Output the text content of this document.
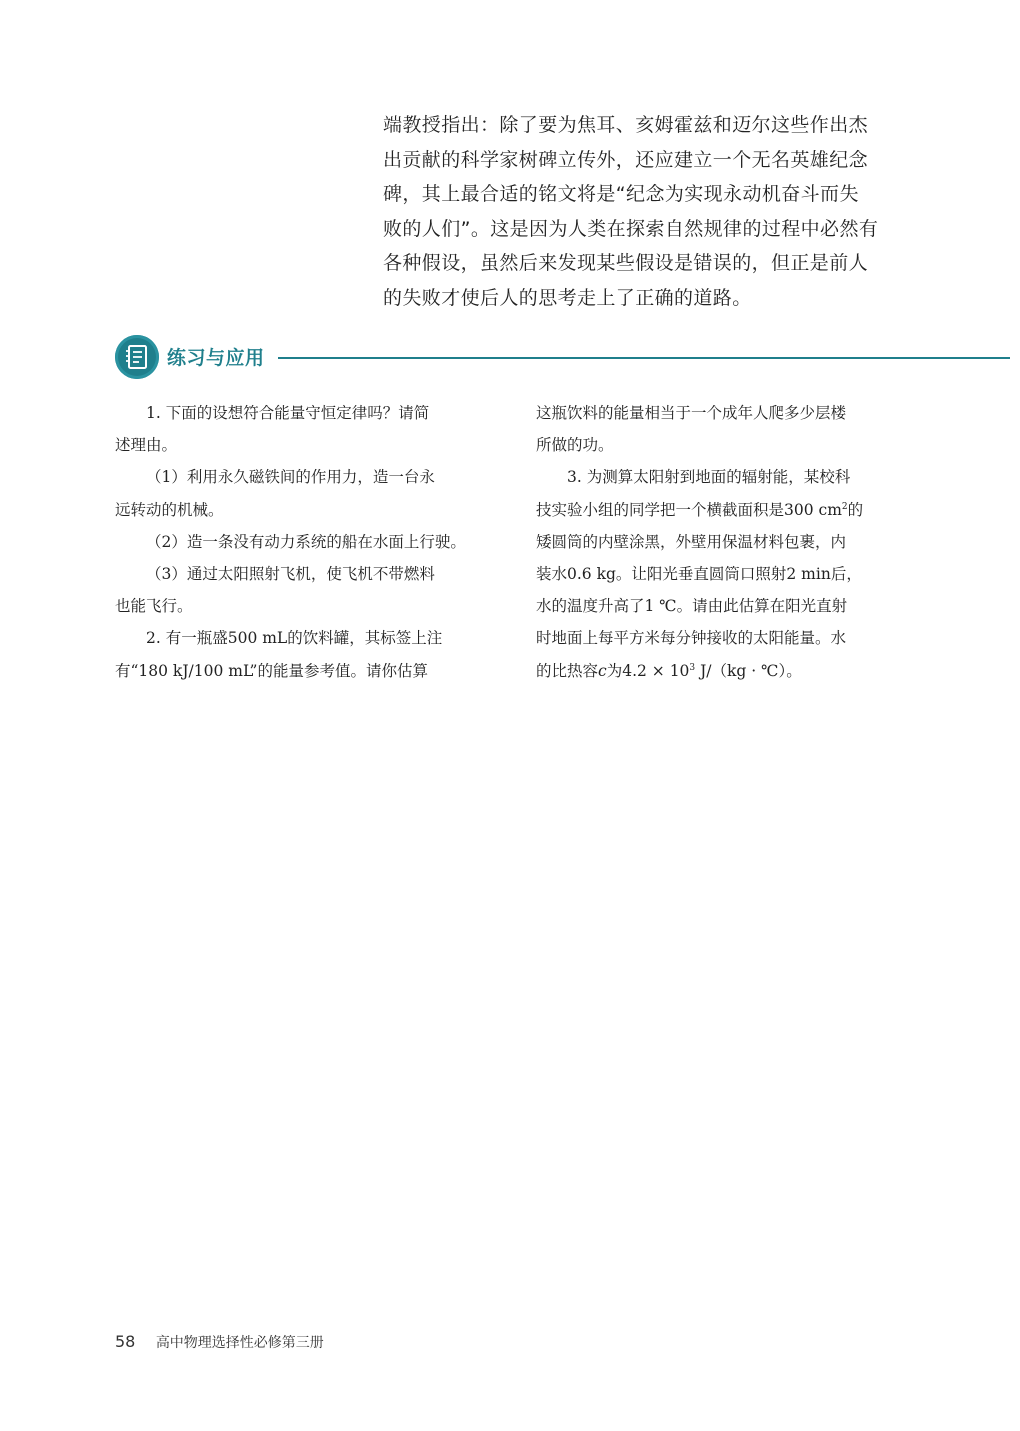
端教授指出：除了要为焦耳、亥姆霍兹和迈尔这些作出杰
出贡献的科学家树碑立传外，还应建立一个无名英雄纪念
碑，其上最合适的铭文将是“纪念为实现永动机奋斗而失
败的人们”。这是因为人类在探索自然规律的过程中必然有
各种假设，虽然后来发现某些假设是错误的，但正是前人
的失败才使后人的思考走上了正确的道路。
练习与应用
1. 下面的设想符合能量守恒定律吗？请简
述理由。
（1）利用永久磁铁间的作用力，造一台永
远转动的机械。
（2）造一条没有动力系统的船在水面上行驶。
（3）通过太阳照射飞机，使飞机不带燃料
也能飞行。
2. 有一瓶盛500 mL的饮料罐，其标签上注
有“180 kJ/100 mL”的能量参考值。请你估算
这瓶饮料的能量相当于一个成年人爬多少层楼
所做的功。
3. 为测算太阳射到地面的辐射能，某校科
技实验小组的同学把一个横截面积是300 $cm^2$的
矮圆筒的内壁涂黑，外壁用保温材料包裹，内
装水0.6 kg。让阳光垂直圆筒口照射2 min后，
水的温度升高了1 ℃。请由此估算在阳光直射
时地面上每平方米每分钟接收的太阳能量。水
的比热容c为$4.2 \times 10^3$ J/（kg · ℃）。
58 高中物理选择性必修第三册
